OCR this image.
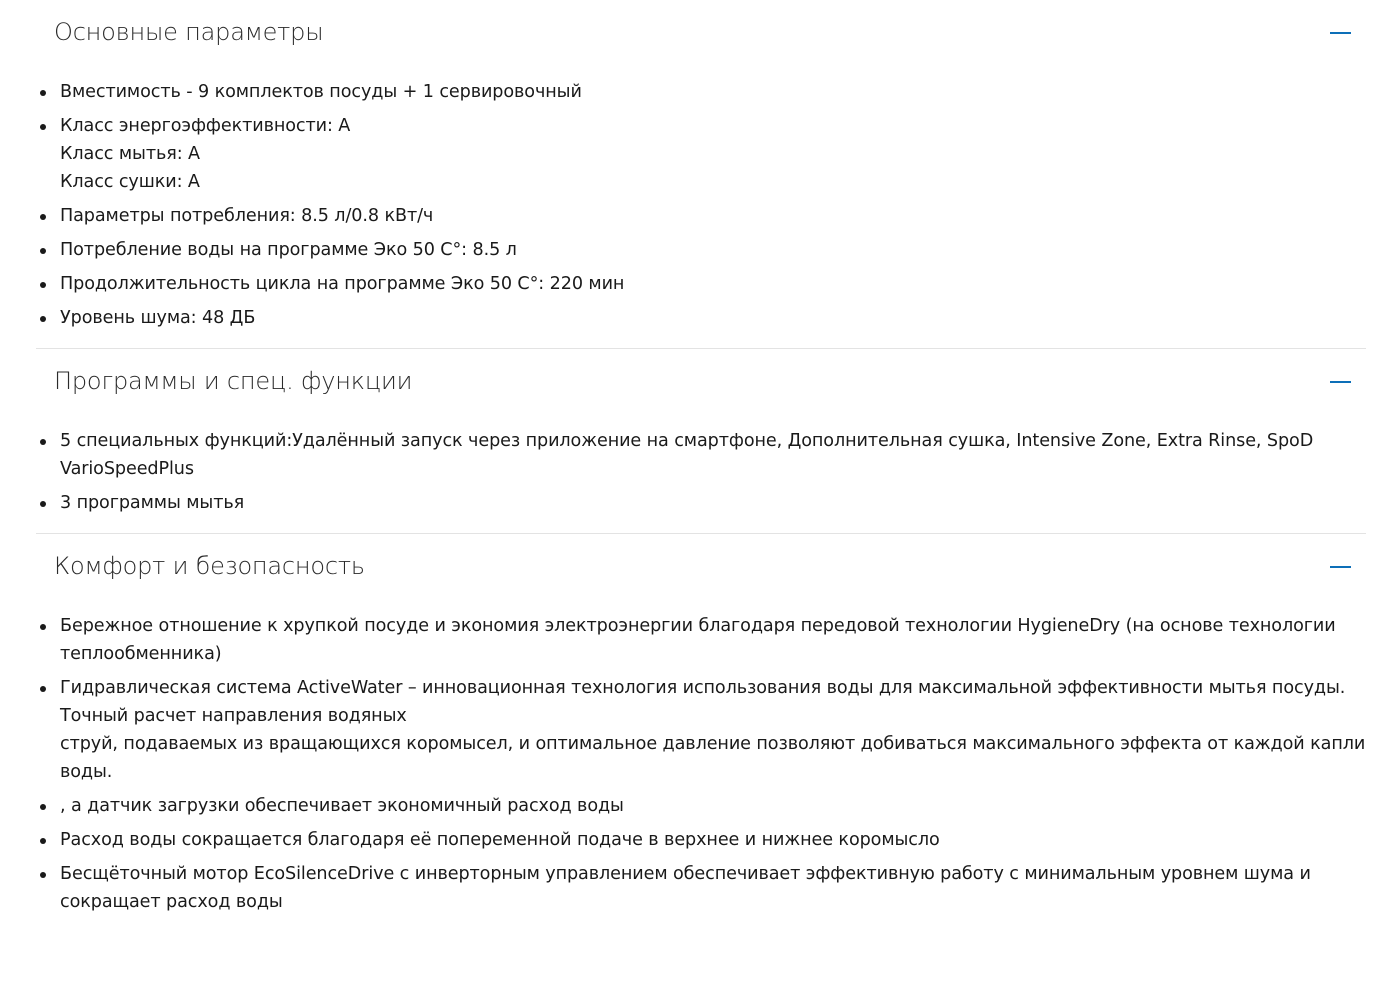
Основные параметры
Вместимость - 9 комплектов посуды + 1 сервировочный
Класс энергоэффективности: A
Класс мытья: A
Класс сушки: A
Параметры потребления: 8.5 л/0.8 кВт/ч
Потребление воды на программе Эко 50 С°: 8.5 л
Продолжительность цикла на программе Эко 50 С°: 220 мин
Уровень шума: 48 ДБ
Программы и спец. функции
5 специальных функций:Удалённый запуск через приложение на смартфоне, Дополнительная сушка, Intensive Zone, Extra Rinse, SpoD VarioSpeedPlus
3 программы мытья
Комфорт и безопасность
Бережное отношение к хрупкой посуде и экономия электроэнергии благодаря передовой технологии HygieneDry (на основе технологии теплообменника)
Гидравлическая система ActiveWater – инновационная технология использования воды для максимальной эффективности мытья посуды. Точный расчет направления водяных
струй, подаваемых из вращающихся коромысел, и оптимальное давление позволяют добиваться максимального эффекта от каждой капли воды.
, а датчик загрузки обеспечивает экономичный расход воды
Расход воды сокращается благодаря её попеременной подаче в верхнее и нижнее коромысло
Бесщёточный мотор EcoSilenceDrive с инверторным управлением обеспечивает эффективную работу с минимальным уровнем шума и сокращает расход воды
